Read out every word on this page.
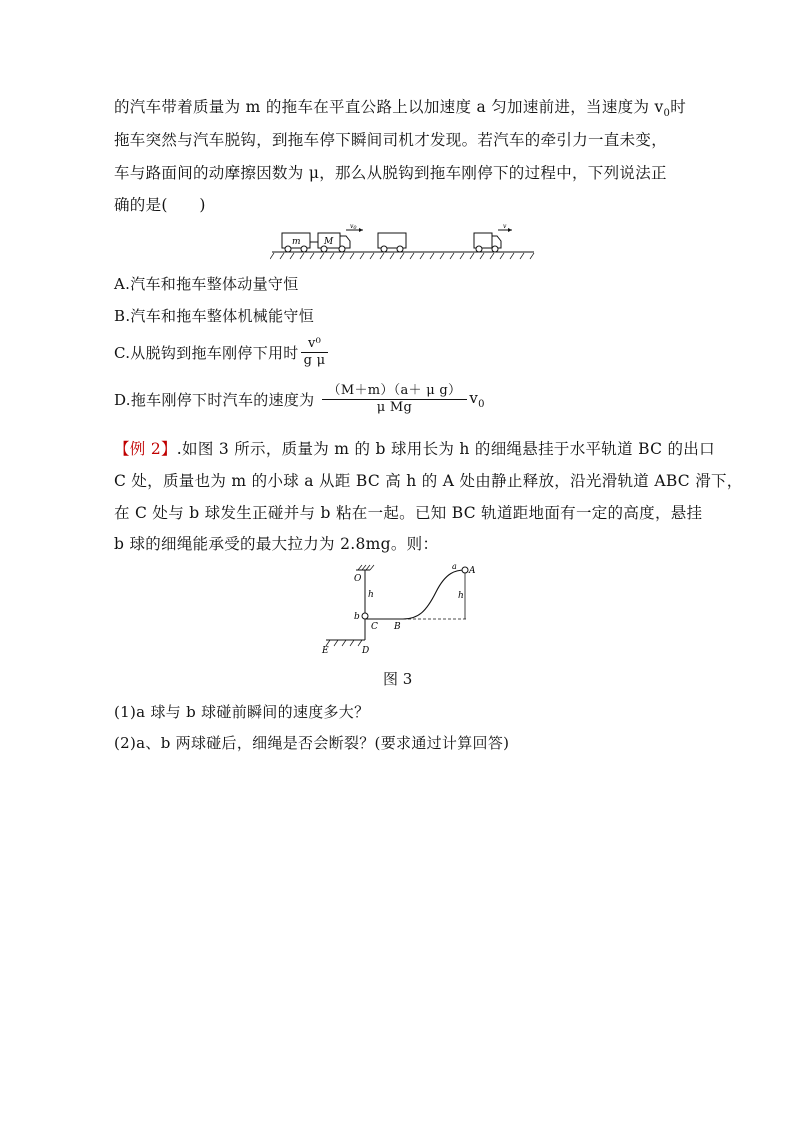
的汽车带着质量为 m 的拖车在平直公路上以加速度 a 匀加速前进，当速度为 $v_0$时
拖车突然与汽车脱钩，到拖车停下瞬间司机才发现。若汽车的牵引力一直未变，
车与路面间的动摩擦因数为 μ，那么从脱钩到拖车刚停下的过程中，下列说法正
确的是(　　)
m	M
v0	v
A.汽车和拖车整体动量守恒
B.汽车和拖车整体机械能守恒
C.从脱钩到拖车刚停下用时 $\frac{\text{v⁰}}{\text{g μ}}$
D.拖车刚停下时汽车的速度为 $\frac{\text{（M＋m）（a＋ μ g）}}{\text{μ Mg}} v_0$
【例 2】.如图 3 所示，质量为 m 的 b 球用长为 h 的细绳悬挂于水平轨道 BC 的出口
C 处，质量也为 m 的小球 a 从距 BC 高 h 的 A 处由静止释放，沿光滑轨道 ABC 滑下，
在 C 处与 b 球发生正碰并与 b 粘在一起。已知 BC 轨道距地面有一定的高度，悬挂
b 球的细绳能承受的最大拉力为 2.8mg。则：
O
h
b
C B
a A
h
E	D
图 3
(1)a 球与 b 球碰前瞬间的速度多大？
(2)a、b 两球碰后，细绳是否会断裂？(要求通过计算回答)
